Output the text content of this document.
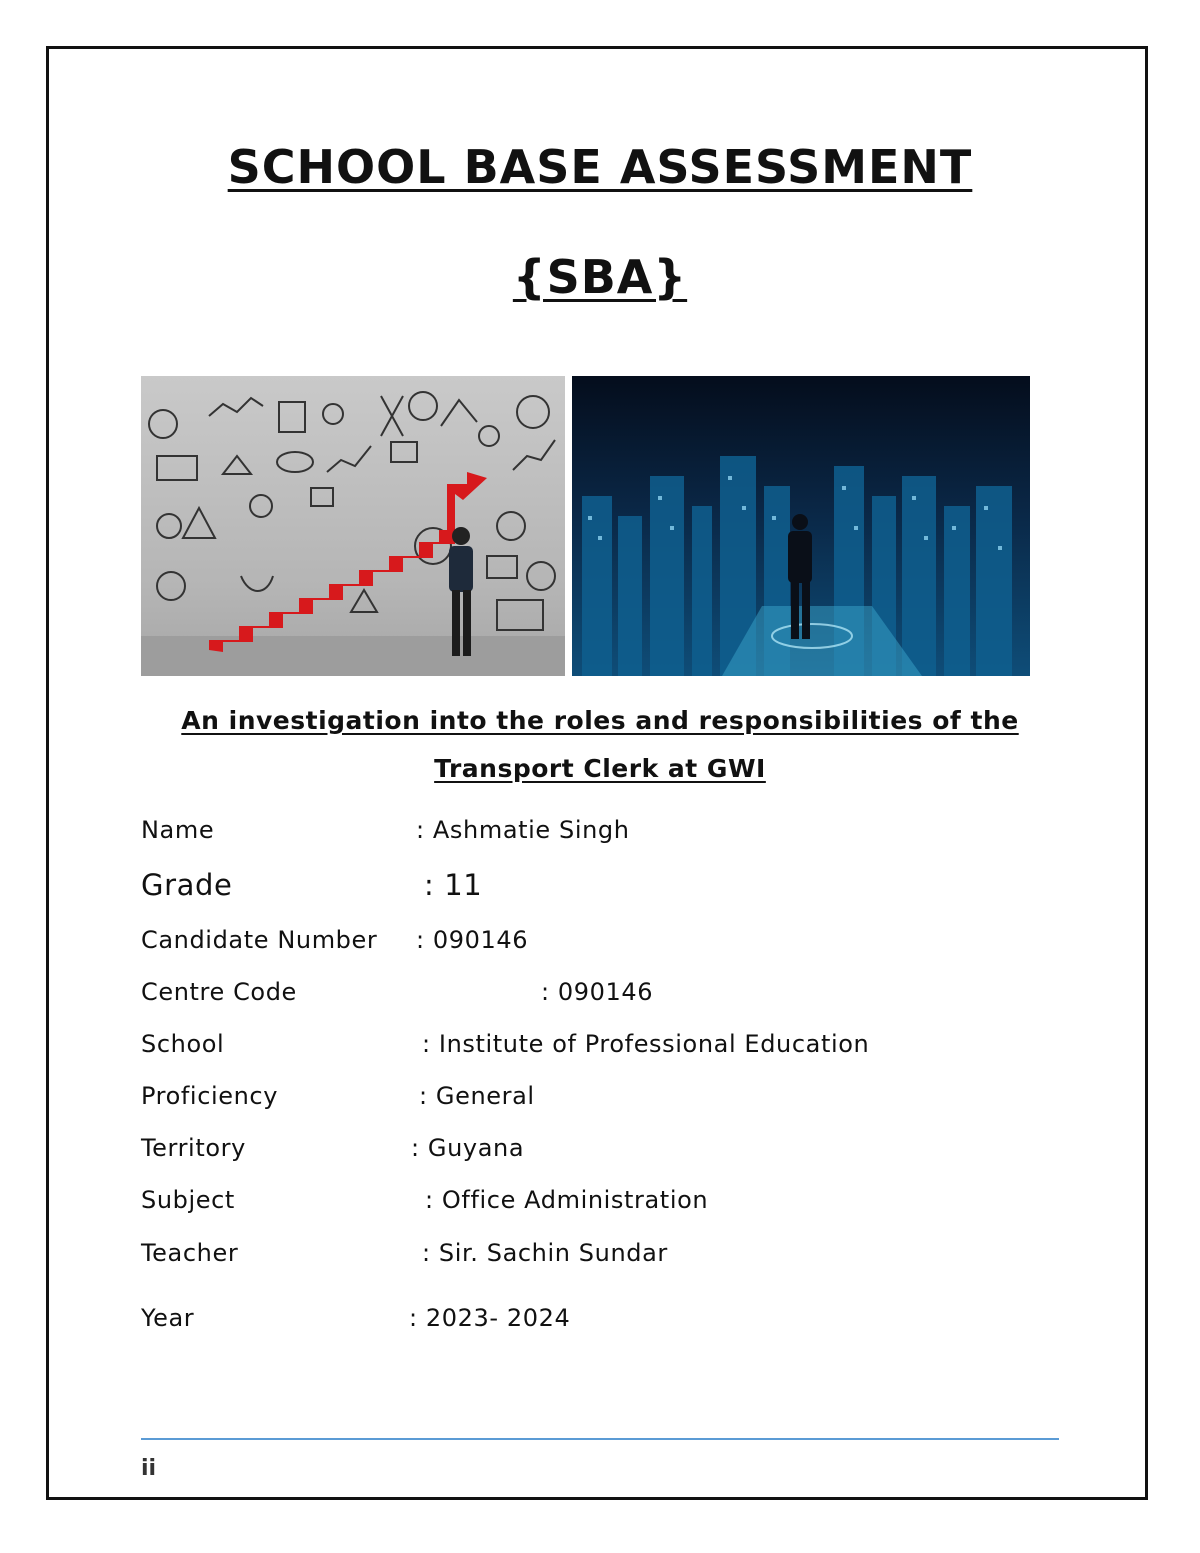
SCHOOL BASE ASSESSMENT
{SBA}

An investigation into the roles and responsibilities of the

Transport Clerk at GWI

Name	: Ashmatie Singh
Grade	: 11
Candidate Number : 090146
Centre Code	: 090146
School	: Institute of Professional Education
Proficiency	: General
Territory	: Guyana
Subject	: Office Administration
Teacher	: Sir. Sachin Sundar
Year	: 2023- 2024
ii
